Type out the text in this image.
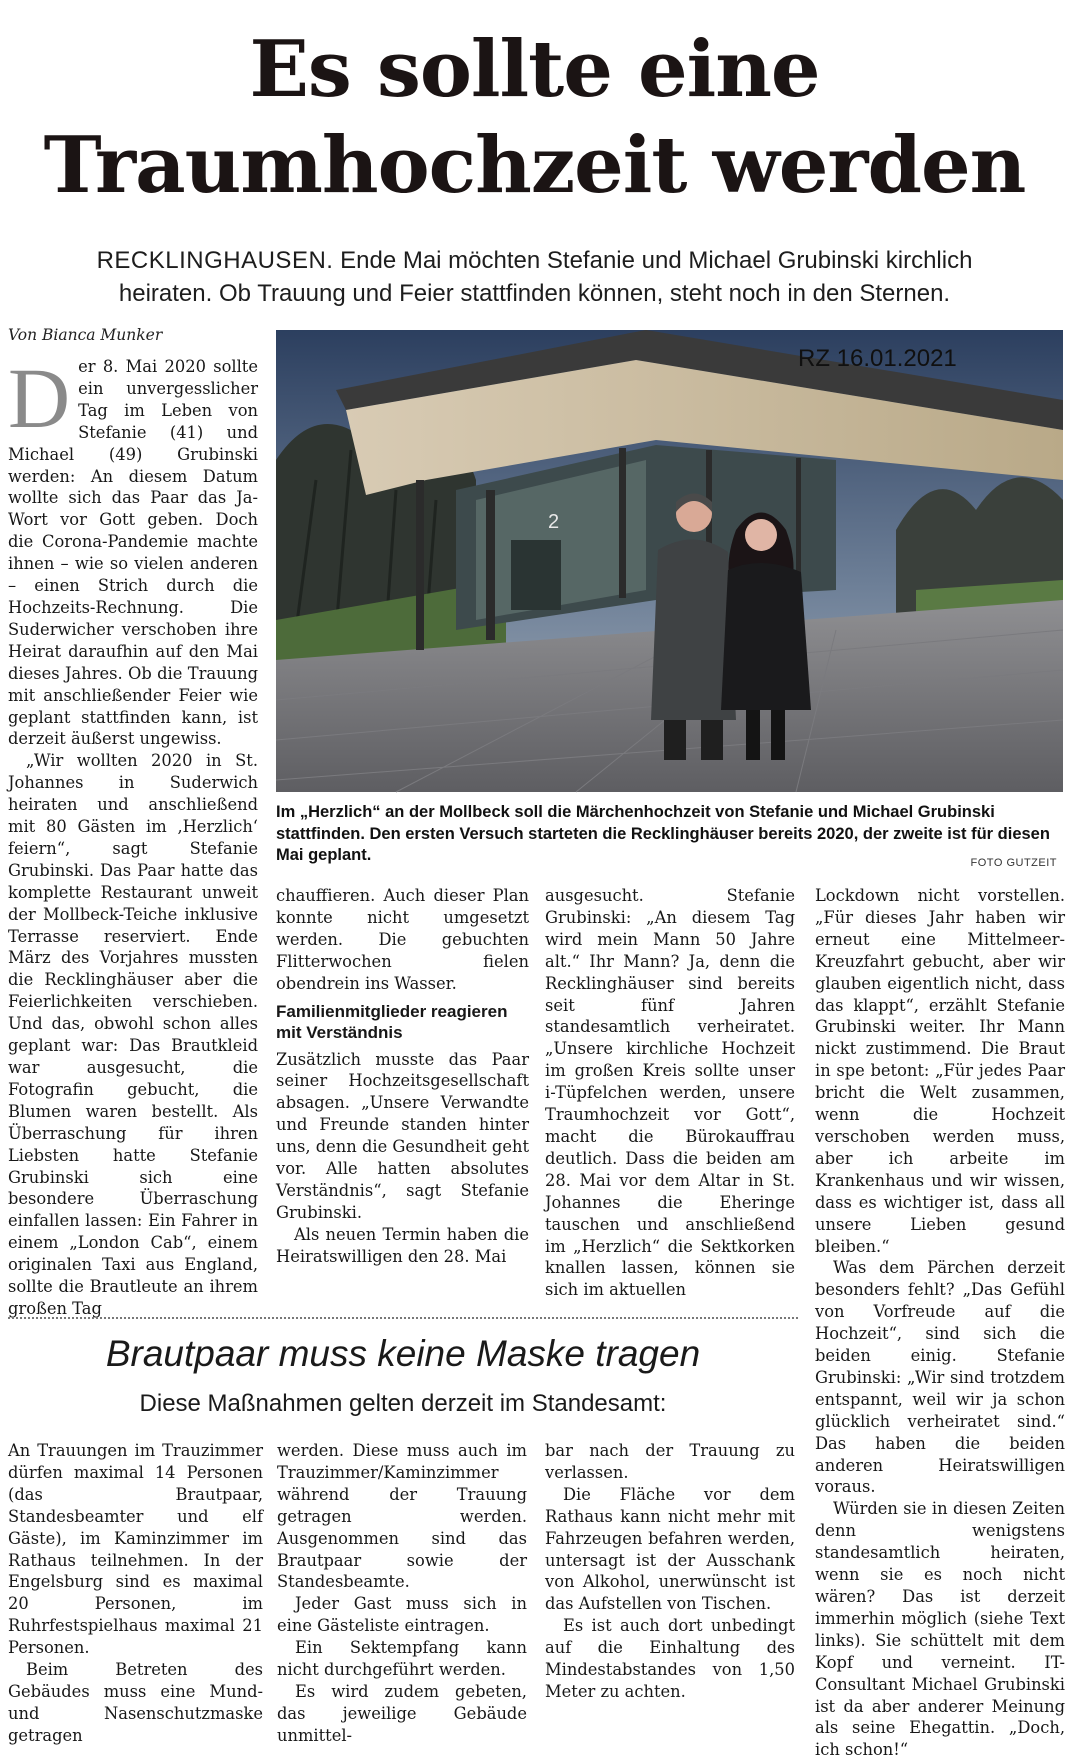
Es sollte eine
Traumhochzeit werden
RECKLINGHAUSEN. Ende Mai möchten Stefanie und Michael Grubinski kirchlich
heiraten. Ob Trauung und Feier stattfinden können, steht noch in den Sternen.
Von Bianca Munker

Der 8. Mai 2020 sollte ein unvergesslicher Tag im Leben von Stefanie (41) und Michael (49) Grubinski werden: An diesem Datum wollte sich das Paar das Ja-Wort vor Gott geben. Doch die Corona-Pandemie machte ihnen – wie so vielen anderen – einen Strich durch die Hochzeits-Rechnung. Die Suderwicher verschoben ihre Heirat daraufhin auf den Mai dieses Jahres. Ob die Trauung mit anschließender Feier wie geplant stattfinden kann, ist derzeit äußerst ungewiss.

„Wir wollten 2020 in St. Johannes in Suderwich heiraten und anschließend mit 80 Gästen im ‚Herzlich‘ feiern“, sagt Stefanie Grubinski. Das Paar hatte das komplette Restaurant unweit der Mollbeck-Teiche inklusive Terrasse reserviert. Ende März des Vorjahres mussten die Recklinghäuser aber die Feierlichkeiten verschieben. Und das, obwohl schon alles geplant war: Das Brautkleid war ausgesucht, die Fotografin gebucht, die Blumen waren bestellt. Als Überraschung für ihren Liebsten hatte Stefanie Grubinski sich eine besondere Überraschung einfallen lassen: Ein Fahrer in einem „London Cab“, einem originalen Taxi aus England, sollte die Brautleute an ihrem großen Tag

2
RZ 16.01.2021
Im „Herzlich“ an der Mollbeck soll die Märchenhochzeit von Stefanie und Michael Grubinski stattfinden. Den ersten Versuch starteten die Recklinghäuser bereits 2020, der zweite ist für diesen Mai geplant.	FOTO GUTZEIT

chauffieren. Auch dieser Plan konnte nicht umgesetzt werden. Die gebuchten Flitterwochen fielen obendrein ins Wasser.

Familienmitglieder reagieren mit Verständnis

Zusätzlich musste das Paar seiner Hochzeitsgesellschaft absagen. „Unsere Verwandte und Freunde standen hinter uns, denn die Gesundheit geht vor. Alle hatten absolutes Verständnis“, sagt Stefanie Grubinski.

Als neuen Termin haben die Heiratswilligen den 28. Mai

ausgesucht. Stefanie Grubinski: „An diesem Tag wird mein Mann 50 Jahre alt.“ Ihr Mann? Ja, denn die Recklinghäuser sind bereits seit fünf Jahren standesamtlich verheiratet. „Unsere kirchliche Hochzeit im großen Kreis sollte unser i-Tüpfelchen werden, unsere Traumhochzeit vor Gott“, macht die Bürokauffrau deutlich. Dass die beiden am 28. Mai vor dem Altar in St. Johannes die Eheringe tauschen und anschließend im „Herzlich“ die Sektkorken knallen lassen, können sie sich im aktuellen

Lockdown nicht vorstellen. „Für dieses Jahr haben wir erneut eine Mittelmeer-Kreuzfahrt gebucht, aber wir glauben eigentlich nicht, dass das klappt“, erzählt Stefanie Grubinski weiter. Ihr Mann nickt zustimmend. Die Braut in spe betont: „Für jedes Paar bricht die Welt zusammen, wenn die Hochzeit verschoben werden muss, aber ich arbeite im Krankenhaus und wir wissen, dass es wichtiger ist, dass all unsere Lieben gesund bleiben.“

Was dem Pärchen derzeit besonders fehlt? „Das Gefühl von Vorfreude auf die Hochzeit“, sind sich die beiden einig. Stefanie Grubinski: „Wir sind trotzdem entspannt, weil wir ja schon glücklich verheiratet sind.“ Das haben die beiden anderen Heiratswilligen voraus.

Würden sie in diesen Zeiten denn wenigstens standesamtlich heiraten, wenn sie es noch nicht wären? Das ist derzeit immerhin möglich (siehe Text links). Sie schüttelt mit dem Kopf und verneint. IT-Consultant Michael Grubinski ist da aber anderer Meinung als seine Ehegattin. „Doch, ich schon!“

Brautpaar muss keine Maske tragen
Diese Maßnahmen gelten derzeit im Standesamt:

An Trauungen im Trauzimmer dürfen maximal 14 Personen (das Brautpaar, Standesbeamter und elf Gäste), im Kaminzimmer im Rathaus teilnehmen. In der Engelsburg sind es maximal 20 Personen, im Ruhrfestspielhaus maximal 21 Personen.

Beim Betreten des Gebäudes muss eine Mund- und Nasenschutzmaske getragen

werden. Diese muss auch im Trauzimmer/Kaminzimmer während der Trauung getragen werden. Ausgenommen sind das Brautpaar sowie der Standesbeamte.

Jeder Gast muss sich in eine Gästeliste eintragen.

Ein Sektempfang kann nicht durchgeführt werden.

Es wird zudem gebeten, das jeweilige Gebäude unmittel-

bar nach der Trauung zu verlassen.

Die Fläche vor dem Rathaus kann nicht mehr mit Fahrzeugen befahren werden, untersagt ist der Ausschank von Alkohol, unerwünscht ist das Aufstellen von Tischen.

Es ist auch dort unbedingt auf die Einhaltung des Mindestabstandes von 1,50 Meter zu achten.
